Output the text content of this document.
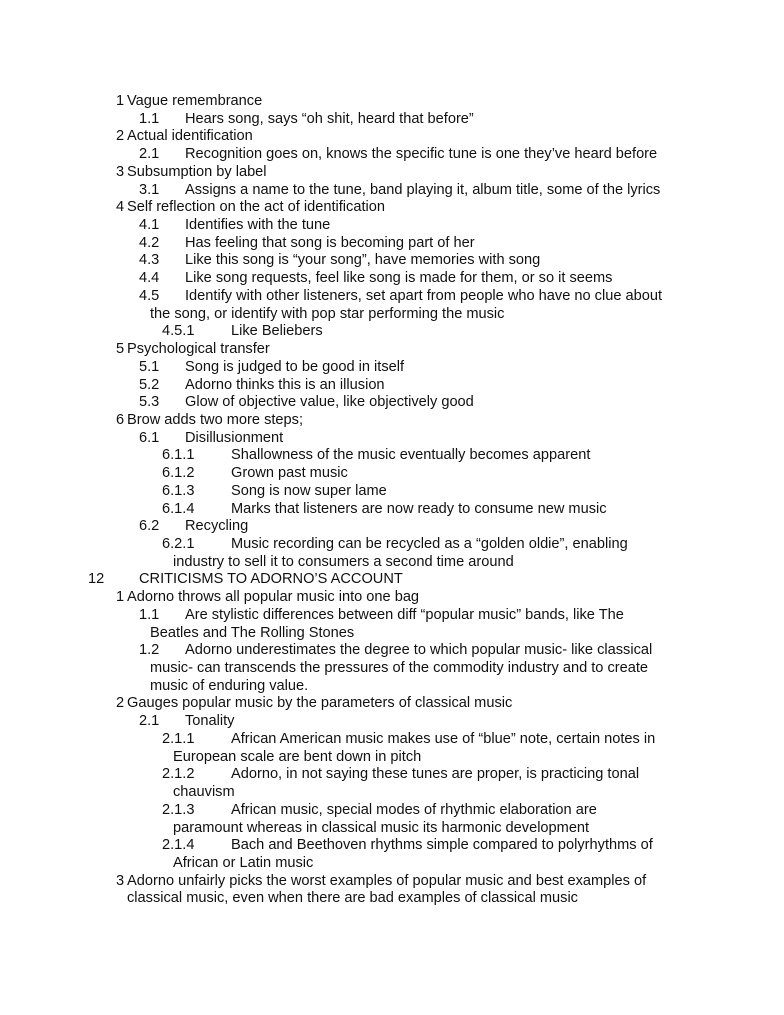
1 Vague remembrance
1.1 Hears song, says “oh shit, heard that before”
2 Actual identification
2.1 Recognition goes on, knows the specific tune is one they’ve heard before
3 Subsumption by label
3.1 Assigns a name to the tune, band playing it, album title, some of the lyrics
4 Self reflection on the act of identification
4.1 Identifies with the tune
4.2 Has feeling that song is becoming part of her
4.3 Like this song is “your song”, have memories with song
4.4 Like song requests, feel like song is made for them, or so it seems
4.5 Identify with other listeners, set apart from people who have no clue about
the song, or identify with pop star performing the music
4.5.1	Like Beliebers
5 Psychological transfer
5.1 Song is judged to be good in itself
5.2 Adorno thinks this is an illusion
5.3 Glow of objective value, like objectively good
6 Brow adds two more steps;
6.1 Disillusionment
6.1.1	Shallowness of the music eventually becomes apparent
6.1.2	Grown past music
6.1.3	Song is now super lame
6.1.4	Marks that listeners are now ready to consume new music
6.2 Recycling
6.2.1	Music recording can be recycled as a “golden oldie”, enabling
industry to sell it to consumers a second time around
12 CRITICISMS TO ADORNO’S ACCOUNT
1 Adorno throws all popular music into one bag
1.1 Are stylistic differences between diff “popular music” bands, like The
Beatles and The Rolling Stones
1.2 Adorno underestimates the degree to which popular music- like classical
music- can transcends the pressures of the commodity industry and to create
music of enduring value.
2 Gauges popular music by the parameters of classical music
2.1 Tonality
2.1.1	African American music makes use of “blue” note, certain notes in
European scale are bent down in pitch
2.1.2	Adorno, in not saying these tunes are proper, is practicing tonal
chauvism
2.1.3	African music, special modes of rhythmic elaboration are
paramount whereas in classical music its harmonic development
2.1.4	Bach and Beethoven rhythms simple compared to polyrhythms of
African or Latin music
3 Adorno unfairly picks the worst examples of popular music and best examples of
classical music, even when there are bad examples of classical music
